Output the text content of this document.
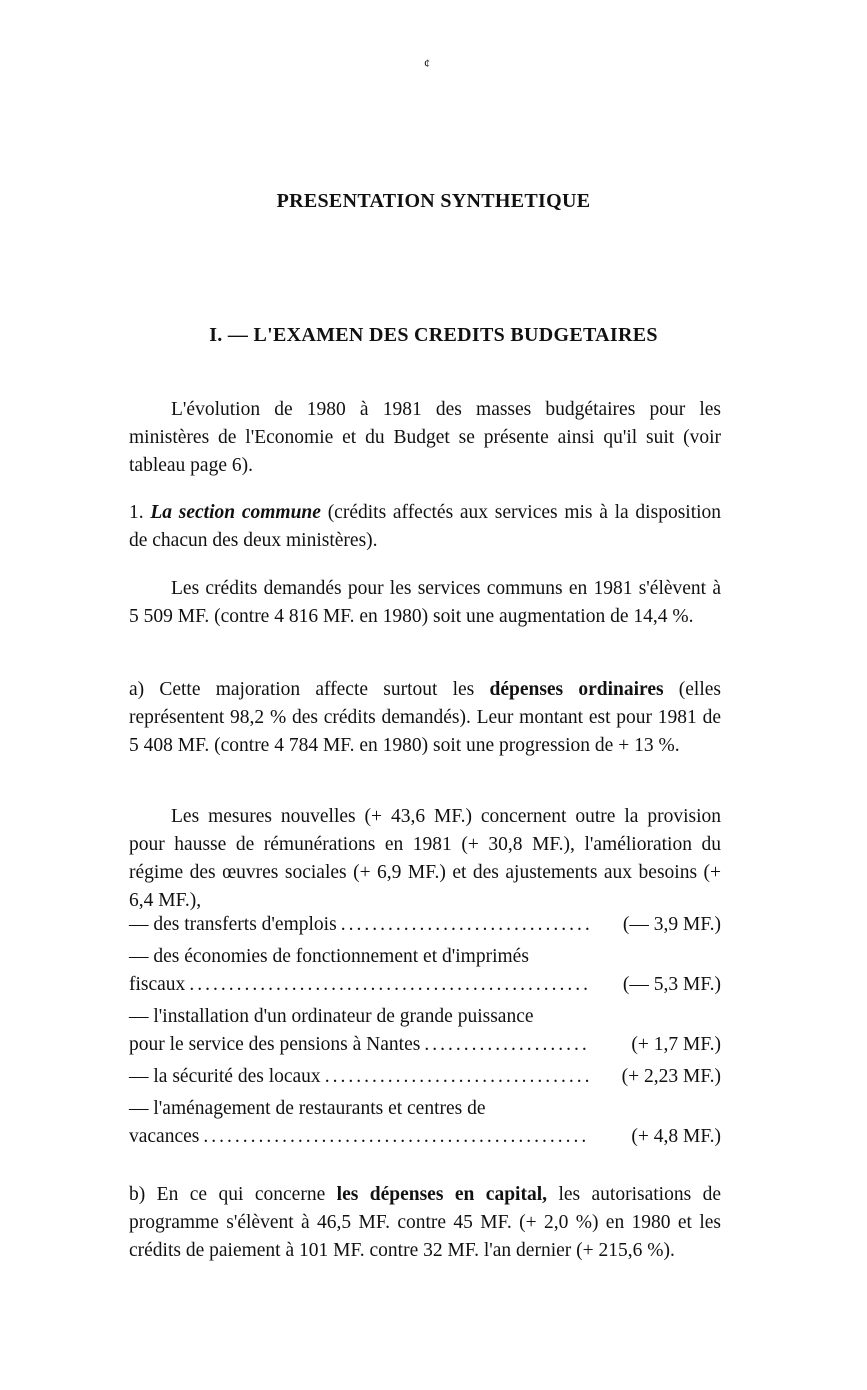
¢
PRESENTATION SYNTHETIQUE
I. — L'EXAMEN DES CREDITS BUDGETAIRES
L'évolution de 1980 à 1981 des masses budgétaires pour les ministères de l'Economie et du Budget se présente ainsi qu'il suit (voir tableau page 6).
1. La section commune (crédits affectés aux services mis à la disposition de chacun des deux ministères).
Les crédits demandés pour les services communs en 1981 s'élèvent à 5 509 MF. (contre 4 816 MF. en 1980) soit une augmentation de 14,4 %.
a) Cette majoration affecte surtout les dépenses ordinaires (elles représentent 98,2 % des crédits demandés). Leur montant est pour 1981 de 5 408 MF. (contre 4 784 MF. en 1980) soit une progression de + 13 %.
Les mesures nouvelles (+ 43,6 MF.) concernent outre la provision pour hausse de rémunérations en 1981 (+ 30,8 MF.), l'amélioration du régime des œuvres sociales (+ 6,9 MF.) et des ajustements aux besoins (+ 6,4 MF.),
— des transferts d'emplois .....	(— 3,9 MF.)
— des économies de fonctionnement et d'imprimés
fiscaux .....	(— 5,3 MF.)
— l'installation d'un ordinateur de grande puissance
pour le service des pensions à Nantes .....	(+ 1,7 MF.)
— la sécurité des locaux .....	(+ 2,23 MF.)
— l'aménagement de restaurants et centres de
vacances .....	(+ 4,8 MF.)
b) En ce qui concerne les dépenses en capital, les autorisations de programme s'élèvent à 46,5 MF. contre 45 MF. (+ 2,0 %) en 1980 et les crédits de paiement à 101 MF. contre 32 MF. l'an dernier (+ 215,6 %).
